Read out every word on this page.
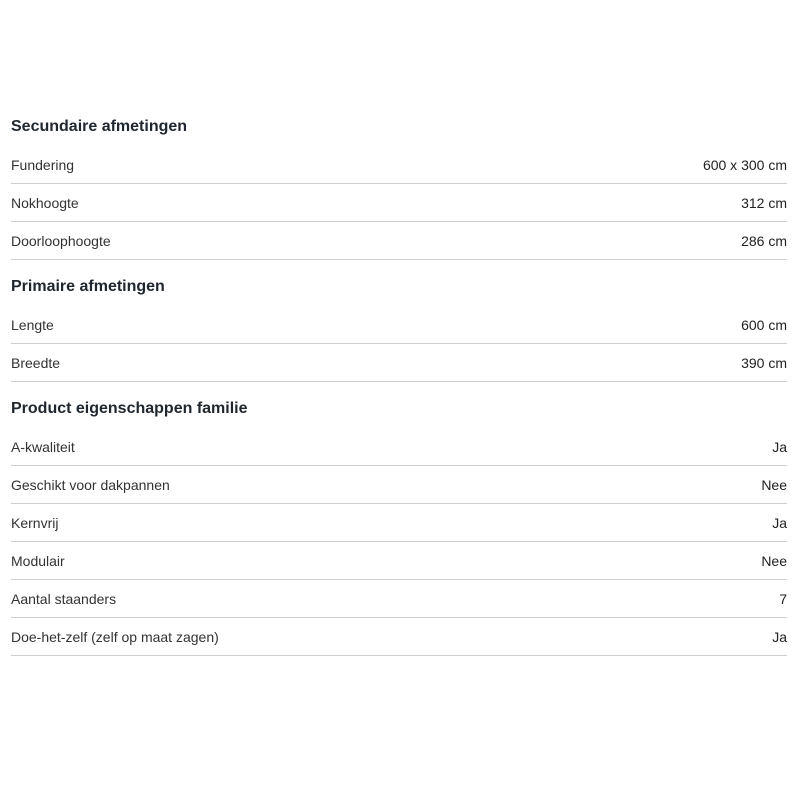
Secundaire afmetingen
Fundering	600 x 300 cm
Nokhoogte	312 cm
Doorloophoogte	286 cm
Primaire afmetingen
Lengte	600 cm
Breedte	390 cm
Product eigenschappen familie
A-kwaliteit	Ja
Geschikt voor dakpannen	Nee
Kernvrij	Ja
Modulair	Nee
Aantal staanders	7
Doe-het-zelf (zelf op maat zagen)	Ja
